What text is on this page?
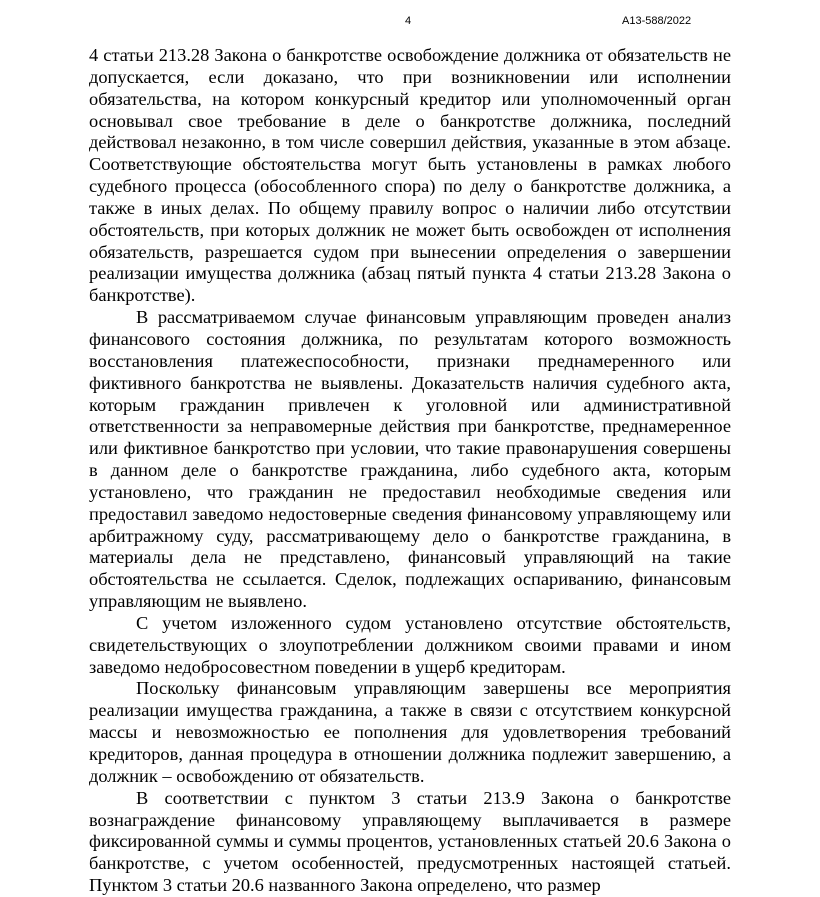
4	А13-588/2022

4 статьи 213.28 Закона о банкротстве освобождение должника от обязательств не допускается, если доказано, что при возникновении или исполнении обязательства, на котором конкурсный кредитор или уполномоченный орган основывал свое требование в деле о банкротстве должника, последний действовал незаконно, в том числе совершил действия, указанные в этом абзаце. Соответствующие обстоятельства могут быть установлены в рамках любого судебного процесса (обособленного спора) по делу о банкротстве должника, а также в иных делах. По общему правилу вопрос о наличии либо отсутствии обстоятельств, при которых должник не может быть освобожден от исполнения обязательств, разрешается судом при вынесении определения о завершении реализации имущества должника (абзац пятый пункта 4 статьи 213.28 Закона о банкротстве).

В рассматриваемом случае финансовым управляющим проведен анализ финансового состояния должника, по результатам которого возможность восстановления платежеспособности, признаки преднамеренного или фиктивного банкротства не выявлены. Доказательств наличия судебного акта, которым гражданин привлечен к уголовной или административной ответственности за неправомерные действия при банкротстве, преднамеренное или фиктивное банкротство при условии, что такие правонарушения совершены в данном деле о банкротстве гражданина, либо судебного акта, которым установлено, что гражданин не предоставил необходимые сведения или предоставил заведомо недостоверные сведения финансовому управляющему или арбитражному суду, рассматривающему дело о банкротстве гражданина, в материалы дела не представлено, финансовый управляющий на такие обстоятельства не ссылается. Сделок, подлежащих оспариванию, финансовым управляющим не выявлено.

С учетом изложенного судом установлено отсутствие обстоятельств, свидетельствующих о злоупотреблении должником своими правами и ином заведомо недобросовестном поведении в ущерб кредиторам.

Поскольку финансовым управляющим завершены все мероприятия реализации имущества гражданина, а также в связи с отсутствием конкурсной массы и невозможностью ее пополнения для удовлетворения требований кредиторов, данная процедура в отношении должника подлежит завершению, а должник – освобождению от обязательств.

В соответствии с пунктом 3 статьи 213.9 Закона о банкротстве вознаграждение финансовому управляющему выплачивается в размере фиксированной суммы и суммы процентов, установленных статьей 20.6 Закона о банкротстве, с учетом особенностей, предусмотренных настоящей статьей. Пунктом 3 статьи 20.6 названного Закона определено, что размер
